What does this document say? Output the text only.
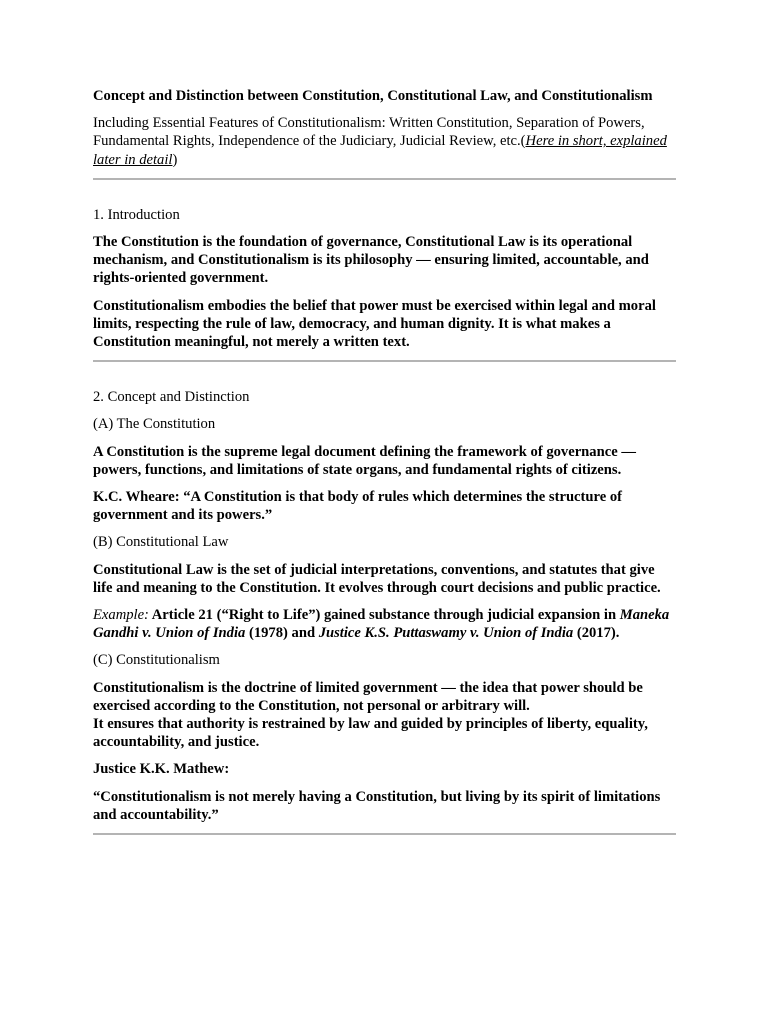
Concept and Distinction between Constitution, Constitutional Law, and Constitutionalism

Including Essential Features of Constitutionalism: Written Constitution, Separation of Powers, Fundamental Rights, Independence of the Judiciary, Judicial Review, etc.(Here in short, explained later in detail)

1. Introduction

The Constitution is the foundation of governance, Constitutional Law is its operational mechanism, and Constitutionalism is its philosophy — ensuring limited, accountable, and rights-oriented government.

Constitutionalism embodies the belief that power must be exercised within legal and moral limits, respecting the rule of law, democracy, and human dignity. It is what makes a Constitution meaningful, not merely a written text.

2. Concept and Distinction

(A) The Constitution

A Constitution is the supreme legal document defining the framework of governance — powers, functions, and limitations of state organs, and fundamental rights of citizens.

K.C. Wheare: “A Constitution is that body of rules which determines the structure of government and its powers.”

(B) Constitutional Law

Constitutional Law is the set of judicial interpretations, conventions, and statutes that give life and meaning to the Constitution. It evolves through court decisions and public practice.

Example: Article 21 (“Right to Life”) gained substance through judicial expansion in Maneka Gandhi v. Union of India (1978) and Justice K.S. Puttaswamy v. Union of India (2017).

(C) Constitutionalism

Constitutionalism is the doctrine of limited government — the idea that power should be exercised according to the Constitution, not personal or arbitrary will.
It ensures that authority is restrained by law and guided by principles of liberty, equality, accountability, and justice.

Justice K.K. Mathew:

“Constitutionalism is not merely having a Constitution, but living by its spirit of limitations and accountability.”
